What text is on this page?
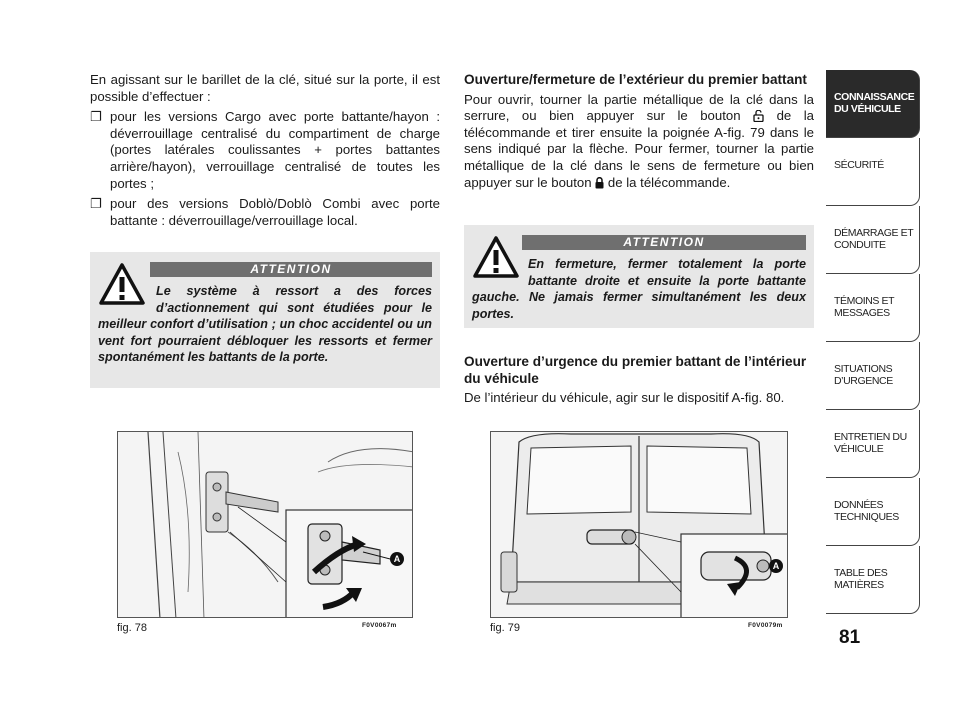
En agissant sur le barillet de la clé, situé sur la porte, il est possible d’effectuer :

❐ pour les versions Cargo avec porte battante/hayon : déverrouillage centralisé du compartiment de charge (portes latérales coulissantes + portes battantes arrière/hayon), verrouillage centralisé de toutes les portes ;
❐ pour des versions Doblò/Doblò Combi avec porte battante : déverrouillage/verrouillage local.
ATTENTION
Le système à ressort a des forces d’actionnement qui sont étudiées pour le meilleur confort d’utilisation ; un choc accidentel ou un vent fort pourraient débloquer les ressorts et fermer spontanément les battants de la porte.
Ouverture/fermeture de l’extérieur du premier battant

Pour ouvrir, tourner la partie métallique de la clé dans la serrure, ou bien appuyer sur le bouton	de la télécommande et tirer ensuite la poignée A-fig. 79 dans le sens indiqué par la flèche. Pour fermer, tourner la partie métallique de la clé dans le sens de fermeture ou bien appuyer sur le bouton de la télécommande.

ATTENTION
En fermeture, fermer totalement la porte battante droite et ensuite la porte battante gauche. Ne jamais fermer simultanément les deux portes.
Ouverture d’urgence du premier battant de l’intérieur du véhicule

De l’intérieur du véhicule, agir sur le dispositif A-fig. 80.

A
fig. 78	F0V0067m
A
fig. 79	F0V0079m
CONNAISSANCE DU VÉHICULE
SÉCURITÉ
DÉMARRAGE ET CONDUITE
TÉMOINS ET MESSAGES
SITUATIONS D’URGENCE
ENTRETIEN DU VÉHICULE
DONNÉES TECHNIQUES
TABLE DES MATIÈRES
81
